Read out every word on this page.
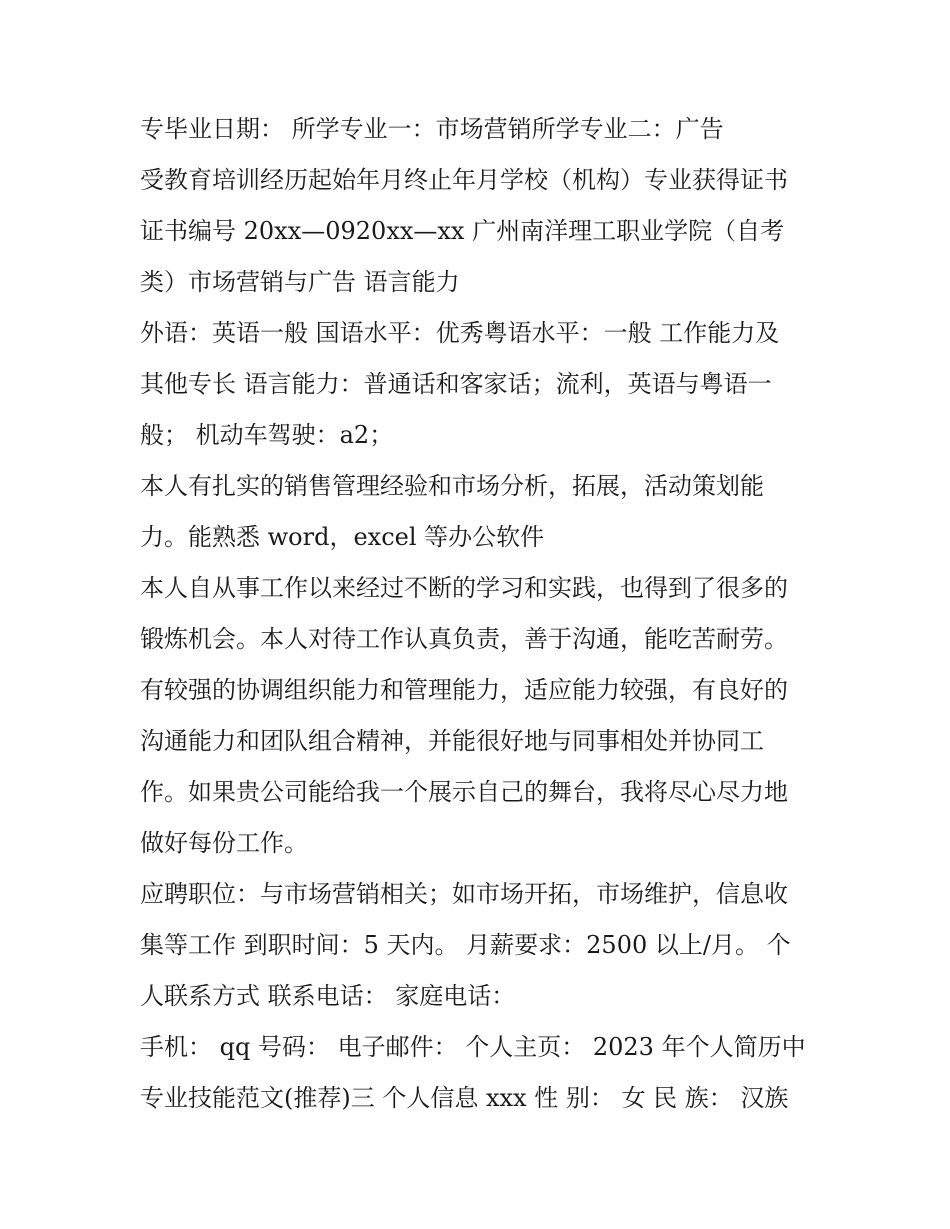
专毕业日期： 所学专业一：市场营销所学专业二：广告
受教育培训经历起始年月终止年月学校（机构）专业获得证书
证书编号 20xx—0920xx—xx 广州南洋理工职业学院（自考
类）市场营销与广告 语言能力
外语：英语一般 国语水平：优秀粤语水平：一般 工作能力及
其他专长 语言能力：普通话和客家话；流利，英语与粤语一
般； 机动车驾驶：a2；
本人有扎实的销售管理经验和市场分析，拓展，活动策划能
力。能熟悉 word，excel 等办公软件
本人自从事工作以来经过不断的学习和实践，也得到了很多的
锻炼机会。本人对待工作认真负责，善于沟通，能吃苦耐劳。
有较强的协调组织能力和管理能力，适应能力较强，有良好的
沟通能力和团队组合精神，并能很好地与同事相处并协同工
作。如果贵公司能给我一个展示自己的舞台，我将尽心尽力地
做好每份工作。
应聘职位：与市场营销相关；如市场开拓，市场维护，信息收
集等工作 到职时间：5 天内。 月薪要求：2500 以上/月。 个
人联系方式 联系电话： 家庭电话：
手机： qq 号码： 电子邮件： 个人主页： 2023 年个人简历中
专业技能范文(推荐)三 个人信息 xxx 性 别： 女 民 族： 汉族
